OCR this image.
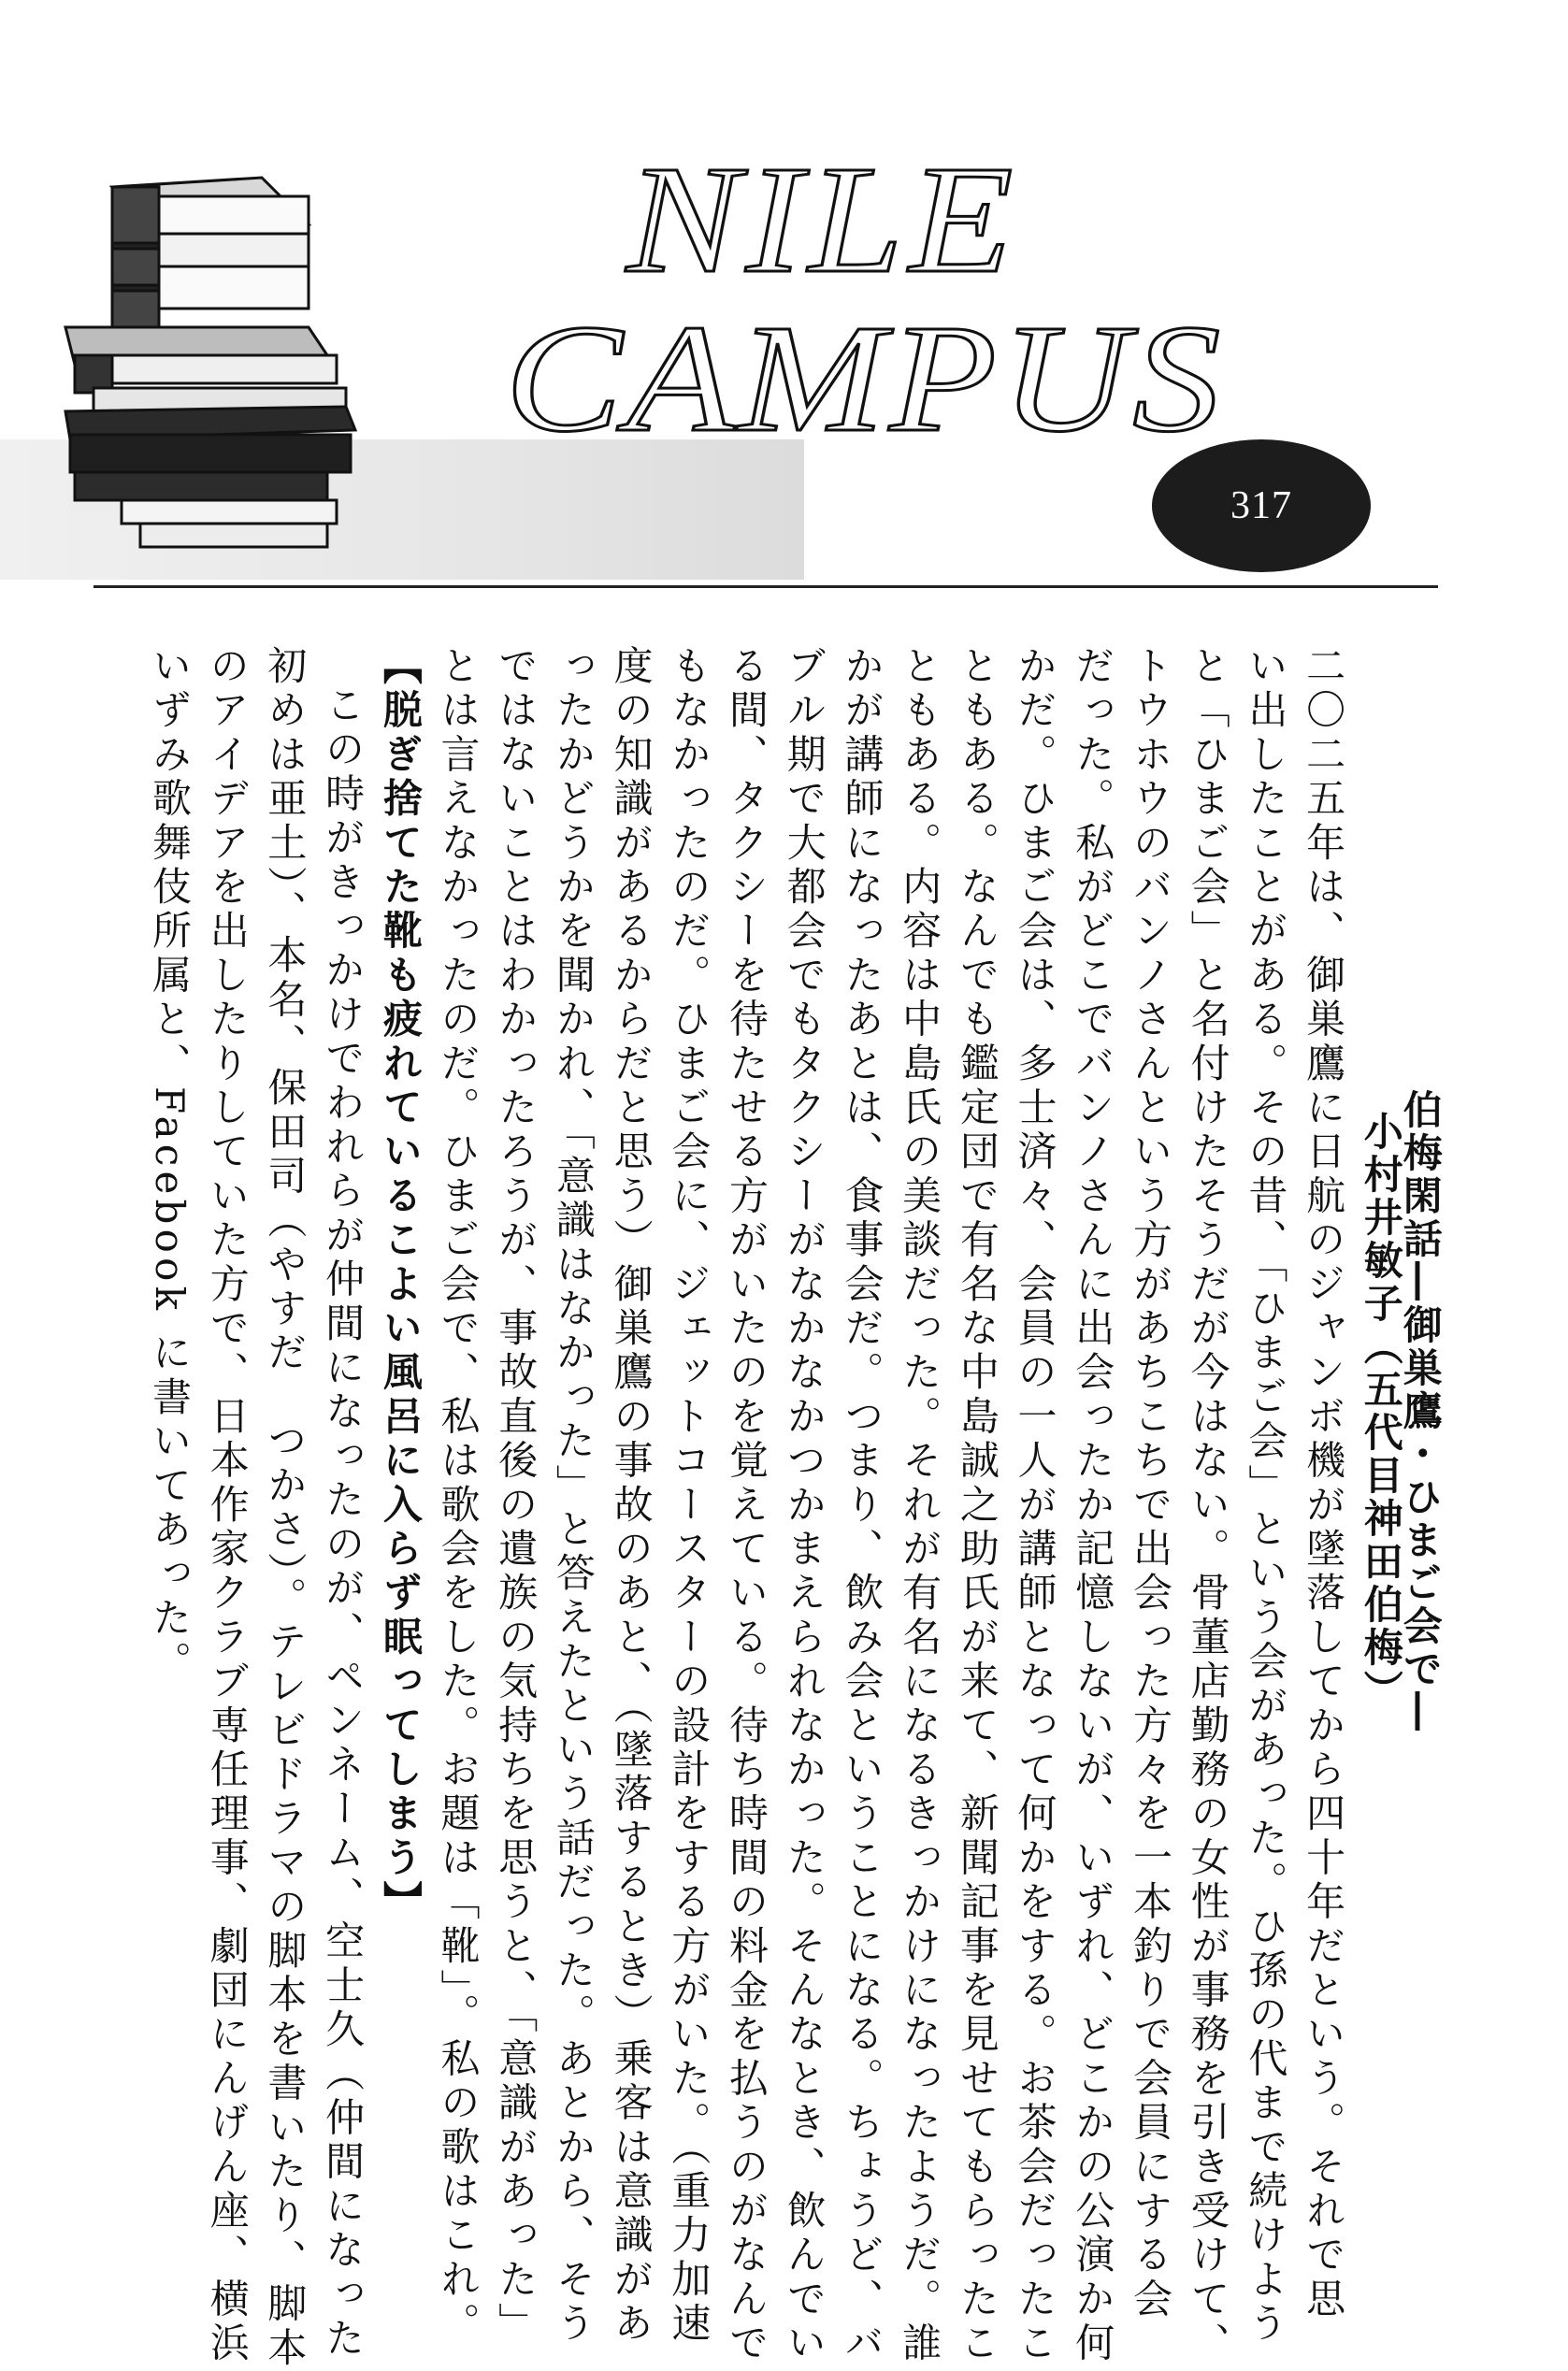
NILE
CAMPUS
317
伯梅閑話―御巣鷹・ひまご会で―
小村井敏子（五代目神田伯梅）
二〇二五年は、御巣鷹に日航のジャンボ機が墜落してから四十年だという。それで思
い出したことがある。その昔、「ひまご会」という会があった。ひ孫の代まで続けよう
と「ひまご会」と名付けたそうだが今はない。骨董店勤務の女性が事務を引き受けて、
トウホウのバンノさんという方があちこちで出会った方々を一本釣りで会員にする会
だった。私がどこでバンノさんに出会ったか記憶しないが、いずれ、どこかの公演か何
かだ。ひまご会は、多士済々、会員の一人が講師となって何かをする。お茶会だったこ
ともある。なんでも鑑定団で有名な中島誠之助氏が来て、新聞記事を見せてもらったこ
ともある。内容は中島氏の美談だった。それが有名になるきっかけになったようだ。誰
かが講師になったあとは、食事会だ。つまり、飲み会ということになる。ちょうど、バ
ブル期で大都会でもタクシーがなかなかつかまえられなかった。そんなとき、飲んでい
る間、タクシーを待たせる方がいたのを覚えている。待ち時間の料金を払うのがなんで
もなかったのだ。ひまご会に、ジェットコースターの設計をする方がいた。（重力加速
度の知識があるからだと思う）御巣鷹の事故のあと、（墜落するとき）乗客は意識があ
ったかどうかを聞かれ、「意識はなかった」と答えたという話だった。あとから、そう
ではないことはわかったろうが、事故直後の遺族の気持ちを思うと、「意識があった」
とは言えなかったのだ。ひまご会で、私は歌会をした。お題は「靴」。私の歌はこれ。
【脱ぎ捨てた靴も疲れているこよい風呂に入らず眠ってしまう】
この時がきっかけでわれらが仲間になったのが、ペンネーム、空士久（仲間になった
初めは亜土）、本名、保田司（やすだ　つかさ）。テレビドラマの脚本を書いたり、脚本
のアイデアを出したりしていた方で、日本作家クラブ専任理事、劇団にんげん座、横浜
いずみ歌舞伎所属と、Facebook に書いてあった。
